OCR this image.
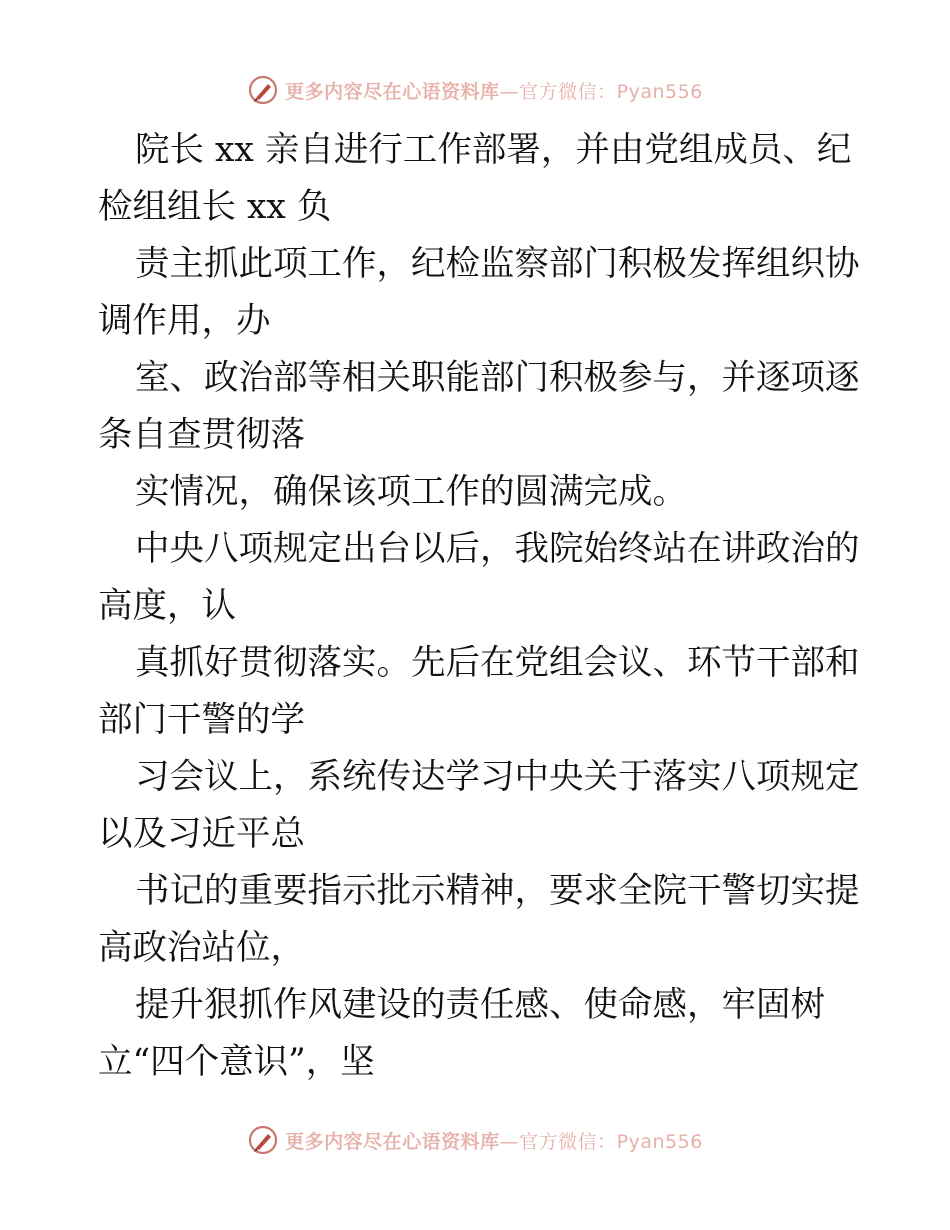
更多内容尽在心语资料库—官方微信：Pyan556
院长 xx 亲自进行工作部署，并由党组成员、纪
检组组长 xx 负
责主抓此项工作，纪检监察部门积极发挥组织协
调作用，办
室、政治部等相关职能部门积极参与，并逐项逐
条自查贯彻落
实情况，确保该项工作的圆满完成。
中央八项规定出台以后，我院始终站在讲政治的
高度，认
真抓好贯彻落实。先后在党组会议、环节干部和
部门干警的学
习会议上，系统传达学习中央关于落实八项规定
以及习近平总
书记的重要指示批示精神，要求全院干警切实提
高政治站位，
提升狠抓作风建设的责任感、使命感，牢固树
立“四个意识”，坚
更多内容尽在心语资料库—官方微信：Pyan556
